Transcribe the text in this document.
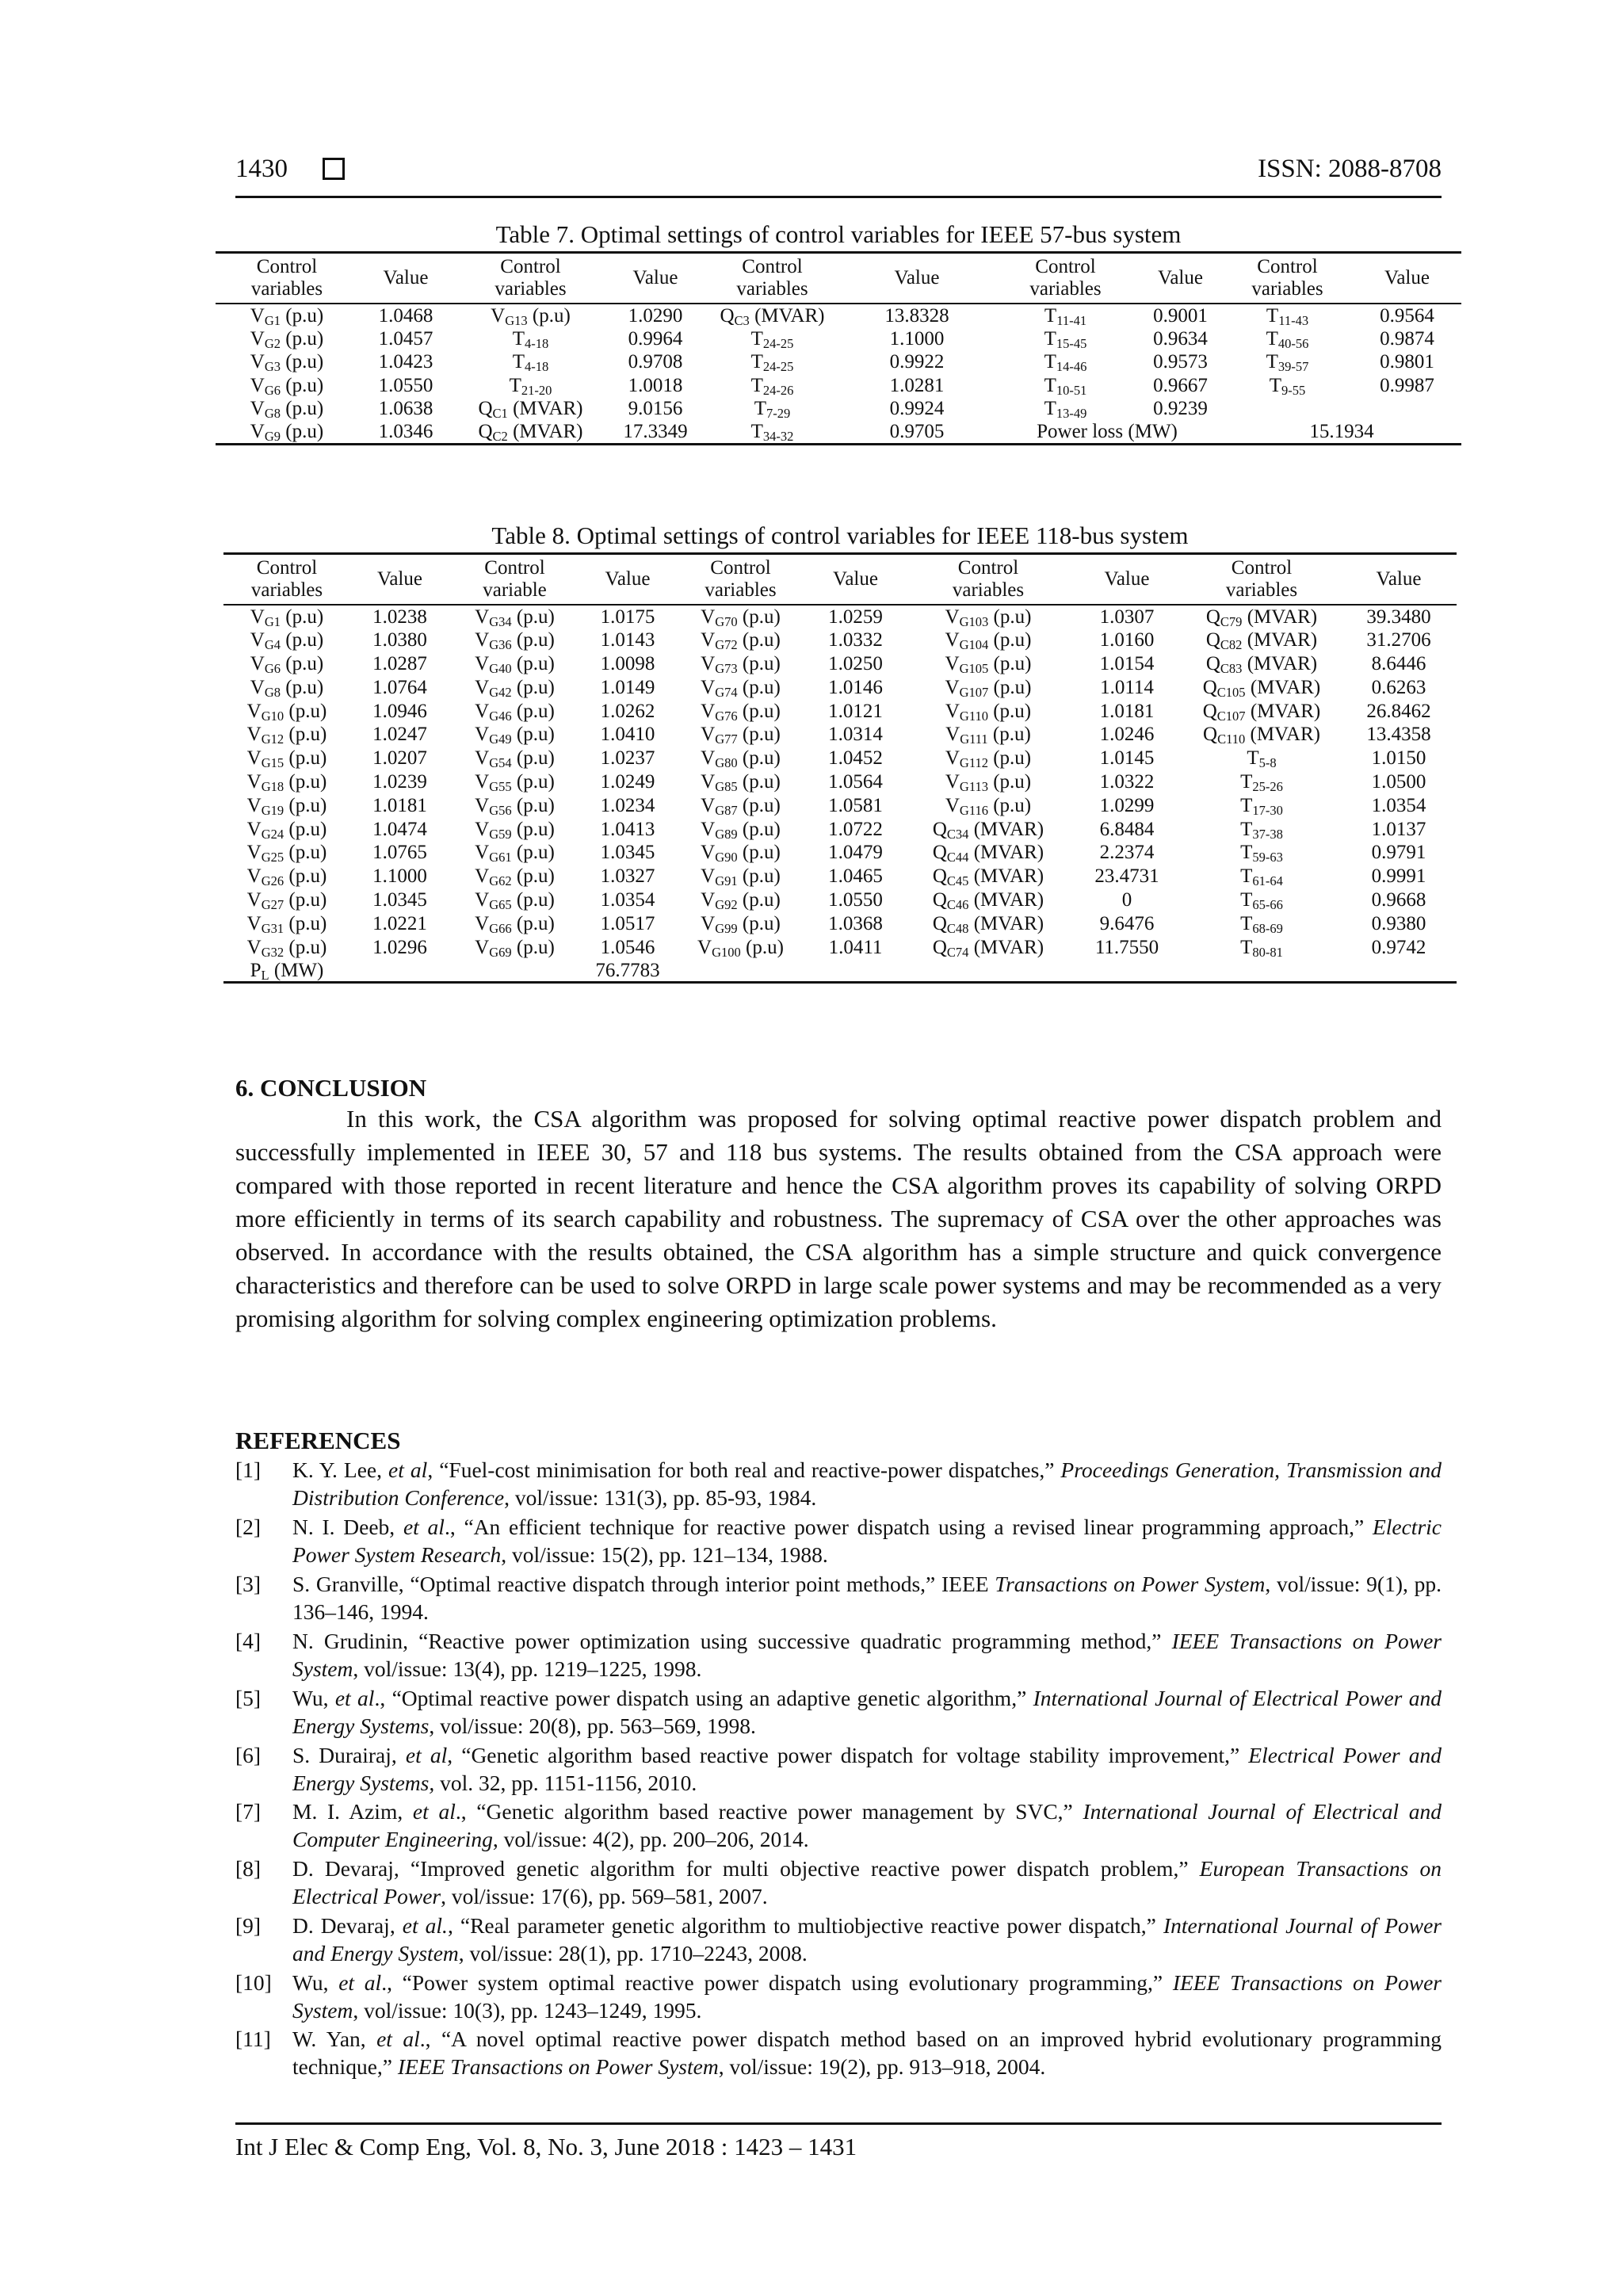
1430	ISSN: 2088-8708
Table 7. Optimal settings of control variables for IEEE 57-bus system
Control
variables	Value	Control
variables	Value	Control
variables	Value	Control
variables	Value	Control
variables	Value
$V_{G1}$ (p.u)	1.0468	$V_{G13}$ (p.u)	1.0290	$Q_{C3}$ (MVAR)	13.8328	$T_{11-41}$	0.9001	$T_{11-43}$	0.9564
$V_{G2}$ (p.u)	1.0457	$T_{4-18}$	0.9964	$T_{24-25}$	1.1000	$T_{15-45}$	0.9634	$T_{40-56}$	0.9874
$V_{G3}$ (p.u)	1.0423	$T_{4-18}$	0.9708	$T_{24-25}$	0.9922	$T_{14-46}$	0.9573	$T_{39-57}$	0.9801
$V_{G6}$ (p.u)	1.0550	$T_{21-20}$	1.0018	$T_{24-26}$	1.0281	$T_{10-51}$	0.9667	$T_{9-55}$	0.9987
$V_{G8}$ (p.u)	1.0638	$Q_{C1}$ (MVAR)	9.0156	$T_{7-29}$	0.9924	$T_{13-49}$	0.9239		
$V_{G9}$ (p.u)	1.0346	$Q_{C2}$ (MVAR)	17.3349	$T_{34-32}$	0.9705	Power loss (MW)		15.1934	
Table 8. Optimal settings of control variables for IEEE 118-bus system
Control
variables	Value	Control
variable	Value	Control
variables	Value	Control
variables	Value	Control
variables	Value
$V_{G1}$ (p.u)	1.0238	$V_{G34}$ (p.u)	1.0175	$V_{G70}$ (p.u)	1.0259	$V_{G103}$ (p.u)	1.0307	$Q_{C79}$ (MVAR)	39.3480
$V_{G4}$ (p.u)	1.0380	$V_{G36}$ (p.u)	1.0143	$V_{G72}$ (p.u)	1.0332	$V_{G104}$ (p.u)	1.0160	$Q_{C82}$ (MVAR)	31.2706
$V_{G6}$ (p.u)	1.0287	$V_{G40}$ (p.u)	1.0098	$V_{G73}$ (p.u)	1.0250	$V_{G105}$ (p.u)	1.0154	$Q_{C83}$ (MVAR)	8.6446
$V_{G8}$ (p.u)	1.0764	$V_{G42}$ (p.u)	1.0149	$V_{G74}$ (p.u)	1.0146	$V_{G107}$ (p.u)	1.0114	$Q_{C105}$ (MVAR)	0.6263
$V_{G10}$ (p.u)	1.0946	$V_{G46}$ (p.u)	1.0262	$V_{G76}$ (p.u)	1.0121	$V_{G110}$ (p.u)	1.0181	$Q_{C107}$ (MVAR)	26.8462
$V_{G12}$ (p.u)	1.0247	$V_{G49}$ (p.u)	1.0410	$V_{G77}$ (p.u)	1.0314	$V_{G111}$ (p.u)	1.0246	$Q_{C110}$ (MVAR)	13.4358
$V_{G15}$ (p.u)	1.0207	$V_{G54}$ (p.u)	1.0237	$V_{G80}$ (p.u)	1.0452	$V_{G112}$ (p.u)	1.0145	$T_{5-8}$	1.0150
$V_{G18}$ (p.u)	1.0239	$V_{G55}$ (p.u)	1.0249	$V_{G85}$ (p.u)	1.0564	$V_{G113}$ (p.u)	1.0322	$T_{25-26}$	1.0500
$V_{G19}$ (p.u)	1.0181	$V_{G56}$ (p.u)	1.0234	$V_{G87}$ (p.u)	1.0581	$V_{G116}$ (p.u)	1.0299	$T_{17-30}$	1.0354
$V_{G24}$ (p.u)	1.0474	$V_{G59}$ (p.u)	1.0413	$V_{G89}$ (p.u)	1.0722	$Q_{C34}$ (MVAR)	6.8484	$T_{37-38}$	1.0137
$V_{G25}$ (p.u)	1.0765	$V_{G61}$ (p.u)	1.0345	$V_{G90}$ (p.u)	1.0479	$Q_{C44}$ (MVAR)	2.2374	$T_{59-63}$	0.9791
$V_{G26}$ (p.u)	1.1000	$V_{G62}$ (p.u)	1.0327	$V_{G91}$ (p.u)	1.0465	$Q_{C45}$ (MVAR)	23.4731	$T_{61-64}$	0.9991
$V_{G27}$ (p.u)	1.0345	$V_{G65}$ (p.u)	1.0354	$V_{G92}$ (p.u)	1.0550	$Q_{C46}$ (MVAR)	0	$T_{65-66}$	0.9668
$V_{G31}$ (p.u)	1.0221	$V_{G66}$ (p.u)	1.0517	$V_{G99}$ (p.u)	1.0368	$Q_{C48}$ (MVAR)	9.6476	$T_{68-69}$	0.9380
$V_{G32}$ (p.u)	1.0296	$V_{G69}$ (p.u)	1.0546	$V_{G100}$ (p.u)	1.0411	$Q_{C74}$ (MVAR)	11.7550	$T_{80-81}$	0.9742
$P_L$ (MW)			76.7783						
6. CONCLUSION
In this work, the CSA algorithm was proposed for solving optimal reactive power dispatch problem and successfully implemented in IEEE 30, 57 and 118 bus systems. The results obtained from the CSA approach were compared with those reported in recent literature and hence the CSA algorithm proves its capability of solving ORPD more efficiently in terms of its search capability and robustness. The supremacy of CSA over the other approaches was observed. In accordance with the results obtained, the CSA algorithm has a simple structure and quick convergence characteristics and therefore can be used to solve ORPD in large scale power systems and may be recommended as a very promising algorithm for solving complex engineering optimization problems.
REFERENCES
[1] K. Y. Lee, et al, “Fuel-cost minimisation for both real and reactive-power dispatches,” Proceedings Generation, Transmission and Distribution Conference, vol/issue: 131(3), pp. 85-93, 1984.
[2] N. I. Deeb, et al., “An efficient technique for reactive power dispatch using a revised linear programming approach,” Electric Power System Research, vol/issue: 15(2), pp. 121–134, 1988.
[3] S. Granville, “Optimal reactive dispatch through interior point methods,” IEEE Transactions on Power System, vol/issue: 9(1), pp. 136–146, 1994.
[4] N. Grudinin, “Reactive power optimization using successive quadratic programming method,” IEEE Transactions on Power System, vol/issue: 13(4), pp. 1219–1225, 1998.
[5] Wu, et al., “Optimal reactive power dispatch using an adaptive genetic algorithm,” International Journal of Electrical Power and Energy Systems, vol/issue: 20(8), pp. 563–569, 1998.
[6] S. Durairaj, et al, “Genetic algorithm based reactive power dispatch for voltage stability improvement,” Electrical Power and Energy Systems, vol. 32, pp. 1151-1156, 2010.
[7] M. I. Azim, et al., “Genetic algorithm based reactive power management by SVC,” International Journal of Electrical and Computer Engineering, vol/issue: 4(2), pp. 200–206, 2014.
[8] D. Devaraj, “Improved genetic algorithm for multi objective reactive power dispatch problem,” European Transactions on Electrical Power, vol/issue: 17(6), pp. 569–581, 2007.
[9] D. Devaraj, et al., “Real parameter genetic algorithm to multiobjective reactive power dispatch,” International Journal of Power and Energy System, vol/issue: 28(1), pp. 1710–2243, 2008.
[10] Wu, et al., “Power system optimal reactive power dispatch using evolutionary programming,” IEEE Transactions on Power System, vol/issue: 10(3), pp. 1243–1249, 1995.
[11] W. Yan, et al., “A novel optimal reactive power dispatch method based on an improved hybrid evolutionary programming technique,” IEEE Transactions on Power System, vol/issue: 19(2), pp. 913–918, 2004.
Int J Elec & Comp Eng, Vol. 8, No. 3, June 2018 : 1423 – 1431
